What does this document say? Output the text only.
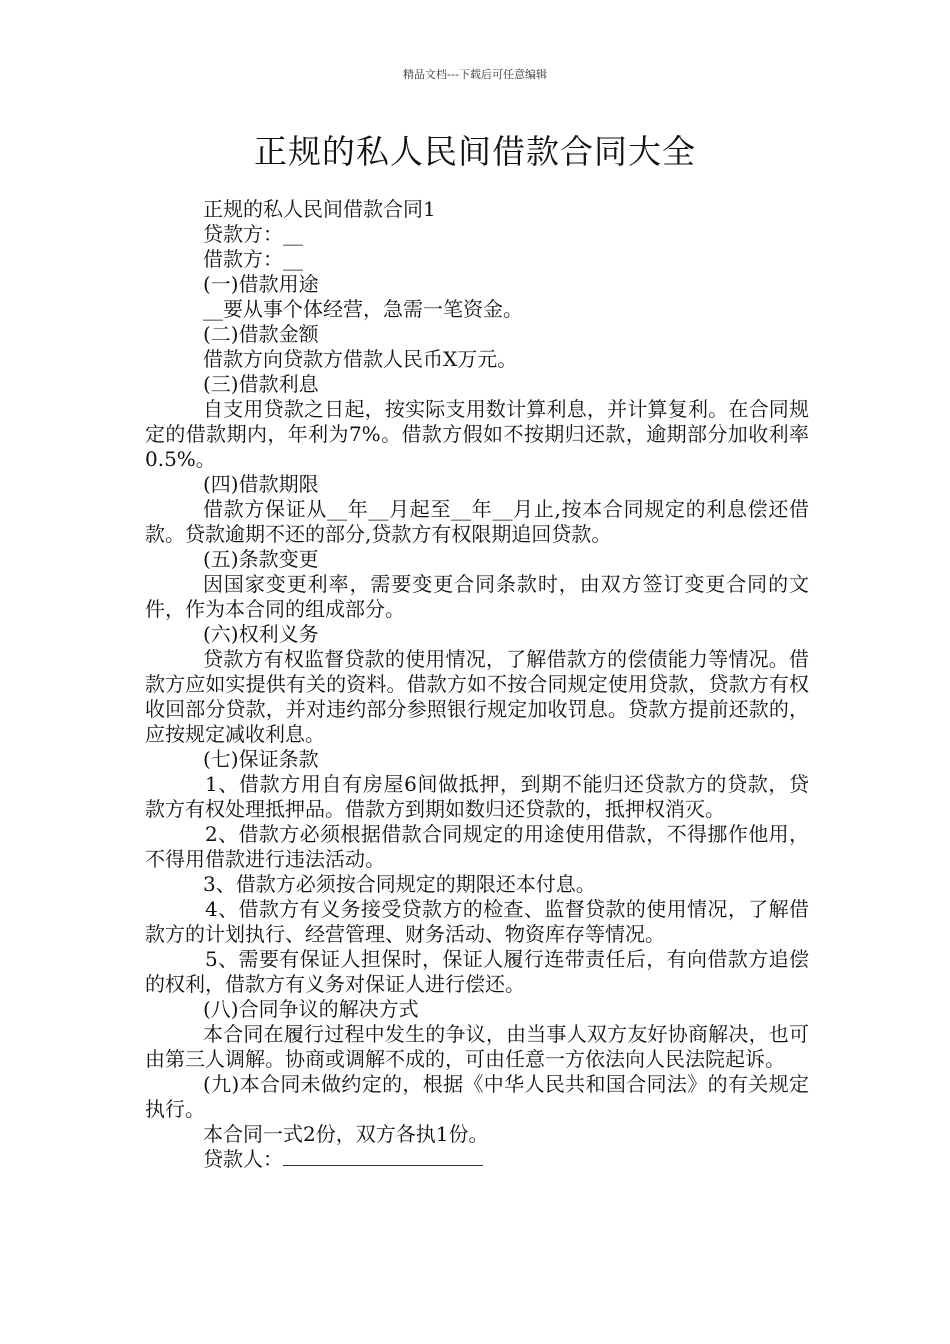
精品文档---下载后可任意编辑
正规的私人民间借款合同大全

正规的私人民间借款合同1

贷款方：__

借款方：__

(一)借款用途

__要从事个体经营，急需一笔资金。

(二)借款金额

借款方向贷款方借款人民币X万元。

(三)借款利息

自支用贷款之日起，按实际支用数计算利息，并计算复利。在合同规定的借款期内，年利为7%。借款方假如不按期归还款，逾期部分加收利率0.5%。

(四)借款期限

借款方保证从__年__月起至__年__月止,按本合同规定的利息偿还借款。贷款逾期不还的部分,贷款方有权限期追回贷款。

(五)条款变更

因国家变更利率，需要变更合同条款时，由双方签订变更合同的文件，作为本合同的组成部分。

(六)权利义务

贷款方有权监督贷款的使用情况，了解借款方的偿债能力等情况。借款方应如实提供有关的资料。借款方如不按合同规定使用贷款，贷款方有权收回部分贷款，并对违约部分参照银行规定加收罚息。贷款方提前还款的，应按规定减收利息。

(七)保证条款

1、借款方用自有房屋6间做抵押，到期不能归还贷款方的贷款，贷款方有权处理抵押品。借款方到期如数归还贷款的，抵押权消灭。

2、借款方必须根据借款合同规定的用途使用借款，不得挪作他用，不得用借款进行违法活动。

3、借款方必须按合同规定的期限还本付息。

4、借款方有义务接受贷款方的检查、监督贷款的使用情况，了解借款方的计划执行、经营管理、财务活动、物资库存等情况。

5、需要有保证人担保时，保证人履行连带责任后，有向借款方追偿的权利，借款方有义务对保证人进行偿还。

(八)合同争议的解决方式

本合同在履行过程中发生的争议，由当事人双方友好协商解决，也可由第三人调解。协商或调解不成的，可由任意一方依法向人民法院起诉。

(九)本合同未做约定的，根据《中华人民共和国合同法》的有关规定执行。

本合同一式2份，双方各执1份。

贷款人：
